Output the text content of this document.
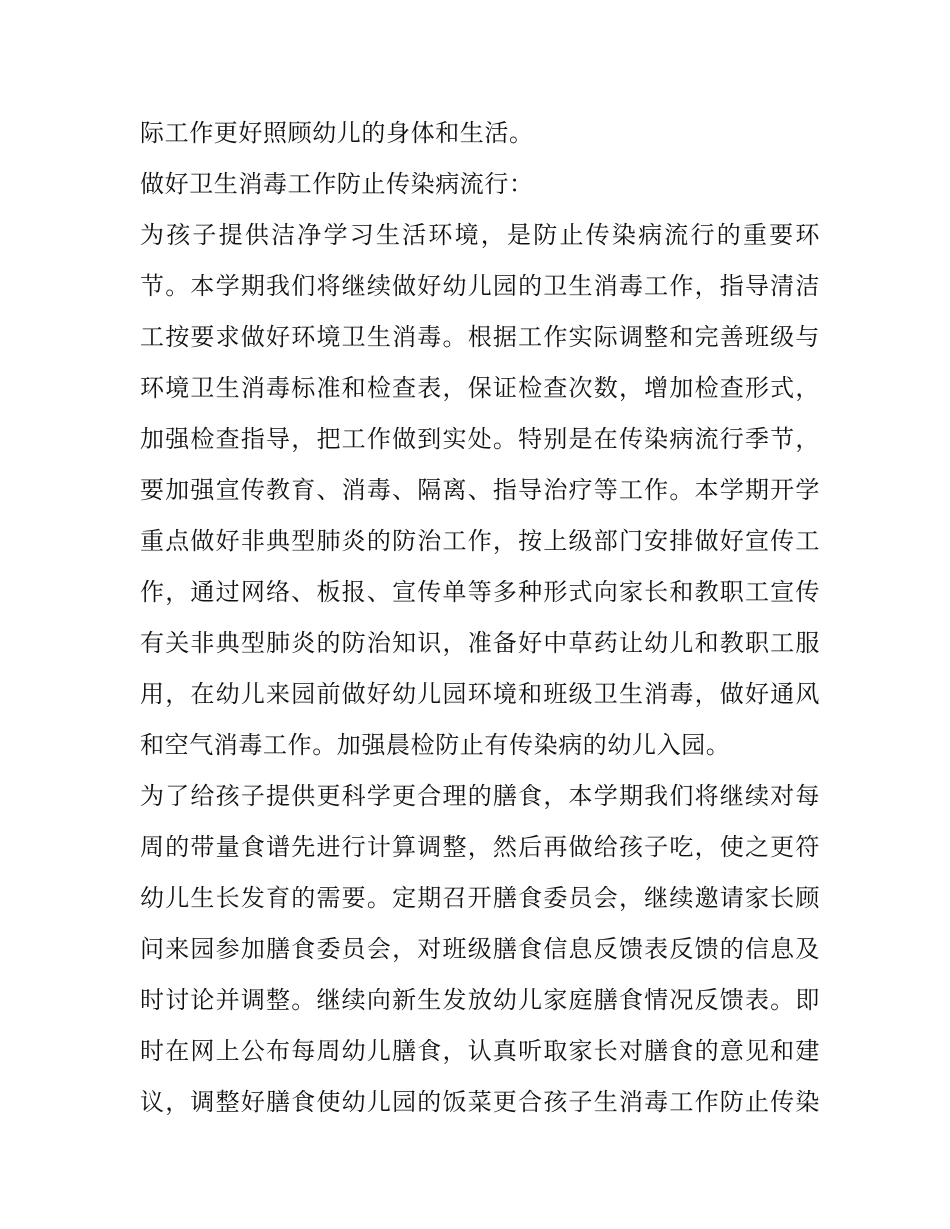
际工作更好照顾幼儿的身体和生活。
做好卫生消毒工作防止传染病流行：
为孩子提供洁净学习生活环境，是防止传染病流行的重要环
节。本学期我们将继续做好幼儿园的卫生消毒工作，指导清洁
工按要求做好环境卫生消毒。根据工作实际调整和完善班级与
环境卫生消毒标准和检查表，保证检查次数，增加检查形式，
加强检查指导，把工作做到实处。特别是在传染病流行季节，
要加强宣传教育、消毒、隔离、指导治疗等工作。本学期开学
重点做好非典型肺炎的防治工作，按上级部门安排做好宣传工
作，通过网络、板报、宣传单等多种形式向家长和教职工宣传
有关非典型肺炎的防治知识，准备好中草药让幼儿和教职工服
用，在幼儿来园前做好幼儿园环境和班级卫生消毒，做好通风
和空气消毒工作。加强晨检防止有传染病的幼儿入园。
为了给孩子提供更科学更合理的膳食，本学期我们将继续对每
周的带量食谱先进行计算调整，然后再做给孩子吃，使之更符
幼儿生长发育的需要。定期召开膳食委员会，继续邀请家长顾
问来园参加膳食委员会，对班级膳食信息反馈表反馈的信息及
时讨论并调整。继续向新生发放幼儿家庭膳食情况反馈表。即
时在网上公布每周幼儿膳食，认真听取家长对膳食的意见和建
议，调整好膳食使幼儿园的饭菜更合孩子生消毒工作防止传染
